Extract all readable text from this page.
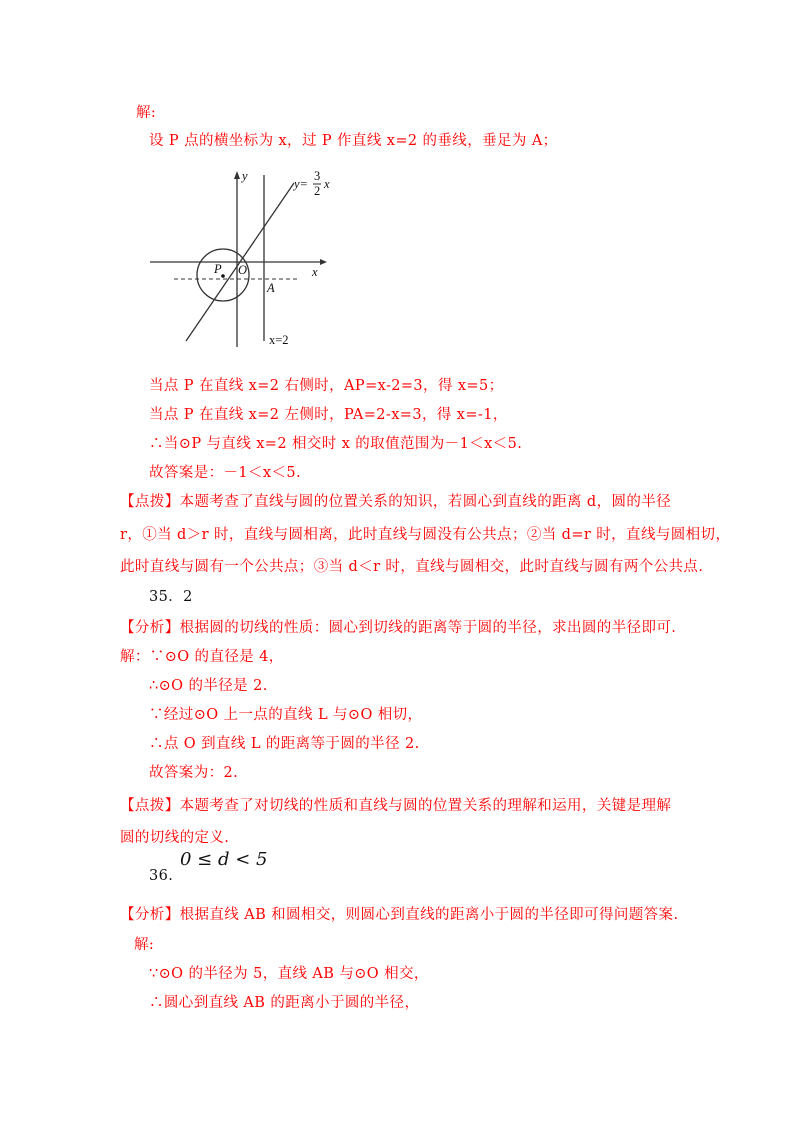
解:
设 P 点的横坐标为 x，过 P 作直线 x=2 的垂线，垂足为 A；
y
x
y=
3
2 x
P O
A
x=2
当点 P 在直线 x=2 右侧时，AP=x-2=3，得 x=5；
当点 P 在直线 x=2 左侧时，PA=2-x=3，得 x=-1，
∴当⊙P 与直线 x=2 相交时 x 的取值范围为－1＜x＜5.
故答案是：－1＜x＜5.
【点拨】本题考查了直线与圆的位置关系的知识，若圆心到直线的距离 d，圆的半径
r，①当 d＞r 时，直线与圆相离，此时直线与圆没有公共点；②当 d=r 时，直线与圆相切，
此时直线与圆有一个公共点；③当 d＜r 时，直线与圆相交，此时直线与圆有两个公共点.
35．2
【分析】根据圆的切线的性质：圆心到切线的距离等于圆的半径，求出圆的半径即可.
解：∵⊙O 的直径是 4，
∴⊙O 的半径是 2.
∵经过⊙O 上一点的直线 L 与⊙O 相切，
∴点 O 到直线 L 的距离等于圆的半径 2.
故答案为：2.
【点拨】本题考查了对切线的性质和直线与圆的位置关系的理解和运用，关键是理解
圆的切线的定义.
0 ≤ d < 5
36.
【分析】根据直线 AB 和圆相交，则圆心到直线的距离小于圆的半径即可得问题答案.
解:
∵⊙O 的半径为 5，直线 AB 与⊙O 相交，
∴圆心到直线 AB 的距离小于圆的半径，
